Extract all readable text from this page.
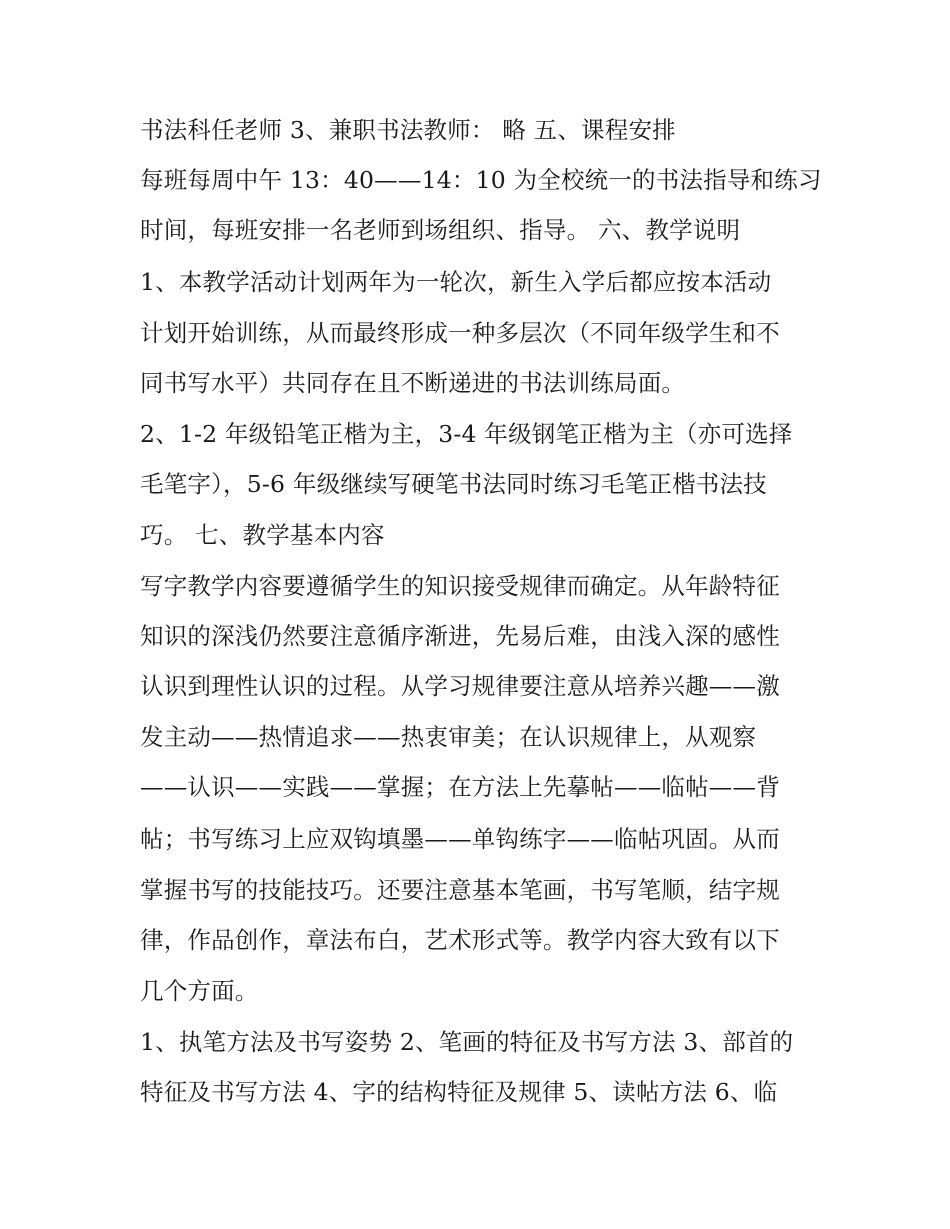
书法科任老师 3、兼职书法教师： 略 五、课程安排
每班每周中午 13：40——14：10 为全校统一的书法指导和练习
时间，每班安排一名老师到场组织、指导。 六、教学说明
1、本教学活动计划两年为一轮次，新生入学后都应按本活动
计划开始训练，从而最终形成一种多层次（不同年级学生和不
同书写水平）共同存在且不断递进的书法训练局面。
2、1-2 年级铅笔正楷为主，3-4 年级钢笔正楷为主（亦可选择
毛笔字），5-6 年级继续写硬笔书法同时练习毛笔正楷书法技
巧。 七、教学基本内容
写字教学内容要遵循学生的知识接受规律而确定。从年龄特征
知识的深浅仍然要注意循序渐进，先易后难，由浅入深的感性
认识到理性认识的过程。从学习规律要注意从培养兴趣——激
发主动——热情追求——热衷审美；在认识规律上，从观察
——认识——实践——掌握；在方法上先摹帖——临帖——背
帖；书写练习上应双钩填墨——单钩练字——临帖巩固。从而
掌握书写的技能技巧。还要注意基本笔画，书写笔顺，结字规
律，作品创作，章法布白，艺术形式等。教学内容大致有以下
几个方面。
1、执笔方法及书写姿势 2、笔画的特征及书写方法 3、部首的
特征及书写方法 4、字的结构特征及规律 5、读帖方法 6、临
